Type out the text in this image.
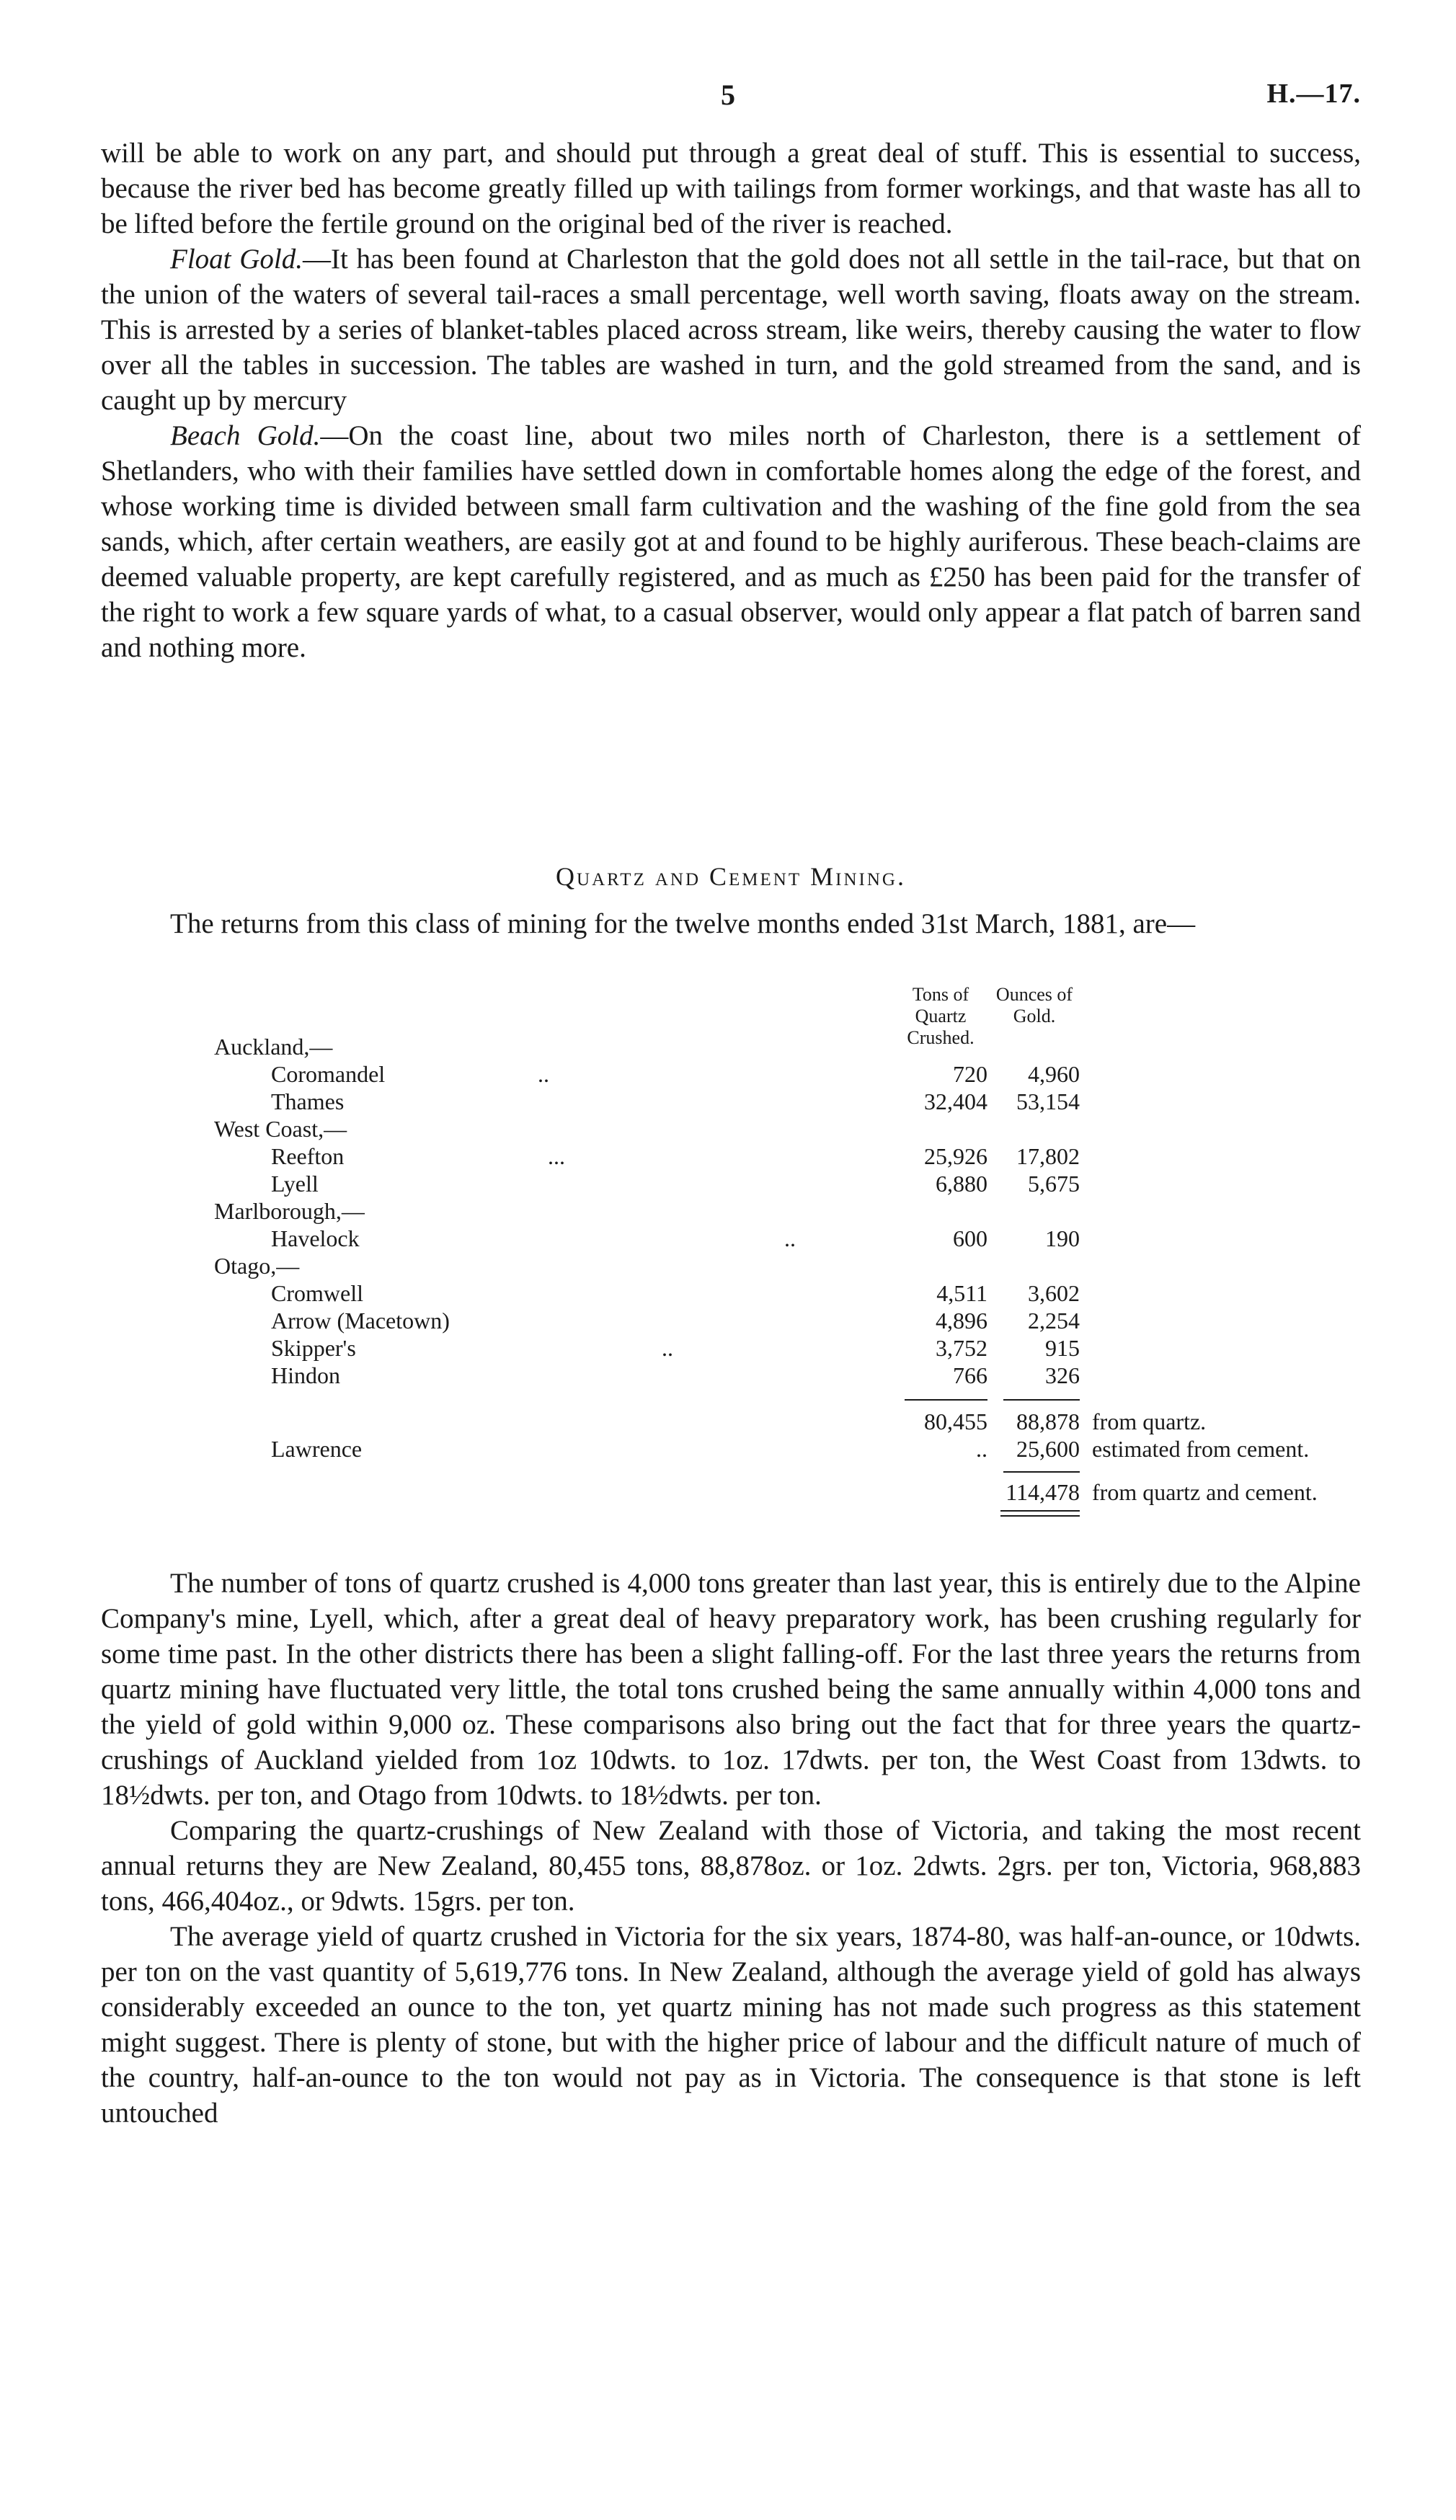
5	H.—17.

will be able to work on any part, and should put through a great deal of stuff. This is essential to success, because the river bed has become greatly filled up with tailings from former workings, and that waste has all to be lifted before the fertile ground on the original bed of the river is reached.

Float Gold.—It has been found at Charleston that the gold does not all settle in the tail-race, but that on the union of the waters of several tail-races a small percentage, well worth saving, floats away on the stream. This is arrested by a series of blanket-tables placed across stream, like weirs, thereby causing the water to flow over all the tables in succession. The tables are washed in turn, and the gold streamed from the sand, and is caught up by mercury

Beach Gold.—On the coast line, about two miles north of Charleston, there is a settlement of Shetlanders, who with their families have settled down in comfortable homes along the edge of the forest, and whose working time is divided between small farm cultivation and the washing of the fine gold from the sea sands, which, after certain weathers, are easily got at and found to be highly auriferous. These beach-claims are deemed valuable property, are kept carefully registered, and as much as £250 has been paid for the transfer of the right to work a few square yards of what, to a casual observer, would only appear a flat patch of barren sand and nothing more.

Quartz and Cement Mining.

The returns from this class of mining for the twelve months ended 31st March, 1881, are—

Tons of Quartz Crushed.
Ounces of Gold.
Auckland,—
Coromandel	..	720	4,960
Thames	32,404	53,154
West Coast,—
Reefton	...	25,926	17,802
Lyell	6,880	5,675
Marlborough,—
Havelock	..	600	190
Otago,—
Cromwell	4,511	3,602
Arrow (Macetown)	4,896	2,254
Skipper's	..	3,752	915
Hindon	766	326
80,455	88,878 from quartz.
Lawrence	..	25,600 estimated from cement.
114,478 from quartz and cement.

The number of tons of quartz crushed is 4,000 tons greater than last year, this is entirely due to the Alpine Company's mine, Lyell, which, after a great deal of heavy preparatory work, has been crushing regularly for some time past. In the other districts there has been a slight falling-off. For the last three years the returns from quartz mining have fluctuated very little, the total tons crushed being the same annually within 4,000 tons and the yield of gold within 9,000 oz. These comparisons also bring out the fact that for three years the quartz-crushings of Auckland yielded from 1oz 10dwts. to 1oz. 17dwts. per ton, the West Coast from 13dwts. to 18½dwts. per ton, and Otago from 10dwts. to 18½dwts. per ton.

Comparing the quartz-crushings of New Zealand with those of Victoria, and taking the most recent annual returns they are New Zealand, 80,455 tons, 88,878oz. or 1oz. 2dwts. 2grs. per ton, Victoria, 968,883 tons, 466,404oz., or 9dwts. 15grs. per ton.

The average yield of quartz crushed in Victoria for the six years, 1874-80, was half-an-ounce, or 10dwts. per ton on the vast quantity of 5,619,776 tons. In New Zealand, although the average yield of gold has always considerably exceeded an ounce to the ton, yet quartz mining has not made such progress as this statement might suggest. There is plenty of stone, but with the higher price of labour and the difficult nature of much of the country, half-an-ounce to the ton would not pay as in Victoria. The consequence is that stone is left untouched
